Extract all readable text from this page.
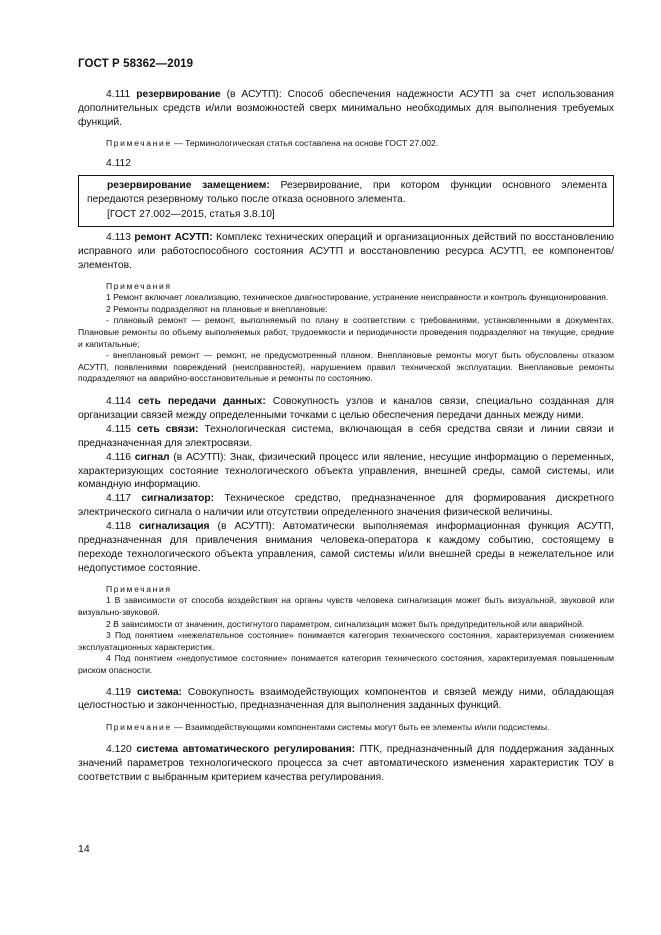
ГОСТ Р 58362—2019

4.111 резервирование (в АСУТП): Способ обеспечения надежности АСУТП за счет использования дополнительных средств и/или возможностей сверх минимально необходимых для выполнения требуемых функций.

Примечание — Терминологическая статья составлена на основе ГОСТ 27.002.

4.112

резервирование замещением: Резервирование, при котором функции основного элемента передаются резервному только после отказа основного элемента.

[ГОСТ 27.002—2015, статья 3.8.10]

4.113 ремонт АСУТП: Комплекс технических операций и организационных действий по восстановлению исправного или работоспособного состояния АСУТП и восстановлению ресурса АСУТП, ее компонентов/элементов.

Примечания

1 Ремонт включает локализацию, техническое диагностирование, устранение неисправности и контроль функционирования.

2 Ремонты подразделяют на плановые и внеплановые:

- плановый ремонт — ремонт, выполняемый по плану в соответствии с требованиями, установленными в документах. Плановые ремонты по объему выполняемых работ, трудоемкости и периодичности проведения подразделяют на текущие, средние и капитальные;

- внеплановый ремонт — ремонт, не предусмотренный планом. Внеплановые ремонты могут быть обусловлены отказом АСУТП, появлениями повреждений (неисправностей), нарушением правил технической эксплуатации. Внеплановые ремонты подразделяют на аварийно-восстановительные и ремонты по состоянию.

4.114 сеть передачи данных: Совокупность узлов и каналов связи, специально созданная для организации связей между определенными точками с целью обеспечения передачи данных между ними.

4.115 сеть связи: Технологическая система, включающая в себя средства связи и линии связи и предназначенная для электросвязи.

4.116 сигнал (в АСУТП): Знак, физический процесс или явление, несущие информацию о переменных, характеризующих состояние технологического объекта управления, внешней среды, самой системы, или командную информацию.

4.117 сигнализатор: Техническое средство, предназначенное для формирования дискретного электрического сигнала о наличии или отсутствии определенного значения физической величины.

4.118 сигнализация (в АСУТП): Автоматически выполняемая информационная функция АСУТП, предназначенная для привлечения внимания человека-оператора к каждому событию, состоящему в переходе технологического объекта управления, самой системы и/или внешней среды в нежелательное или недопустимое состояние.

Примечания

1 В зависимости от способа воздействия на органы чувств человека сигнализация может быть визуальной, звуковой или визуально-звуковой.

2 В зависимости от значения, достигнутого параметром, сигнализация может быть предупредительной или аварийной.

3 Под понятием «нежелательное состояние» понимается категория технического состояния, характеризуемая снижением эксплуатационных характеристик.

4 Под понятием «недопустимое состояние» понимается категория технического состояния, характеризуемая повышенным риском опасности.

4.119 система: Совокупность взаимодействующих компонентов и связей между ними, обладающая целостностью и законченностью, предназначенная для выполнения заданных функций.

Примечание — Взаимодействующими компонентами системы могут быть ее элементы и/или подсистемы.

4.120 система автоматического регулирования: ПТК, предназначенный для поддержания заданных значений параметров технологического процесса за счет автоматического изменения характеристик ТОУ в соответствии с выбранным критерием качества регулирования.

14
